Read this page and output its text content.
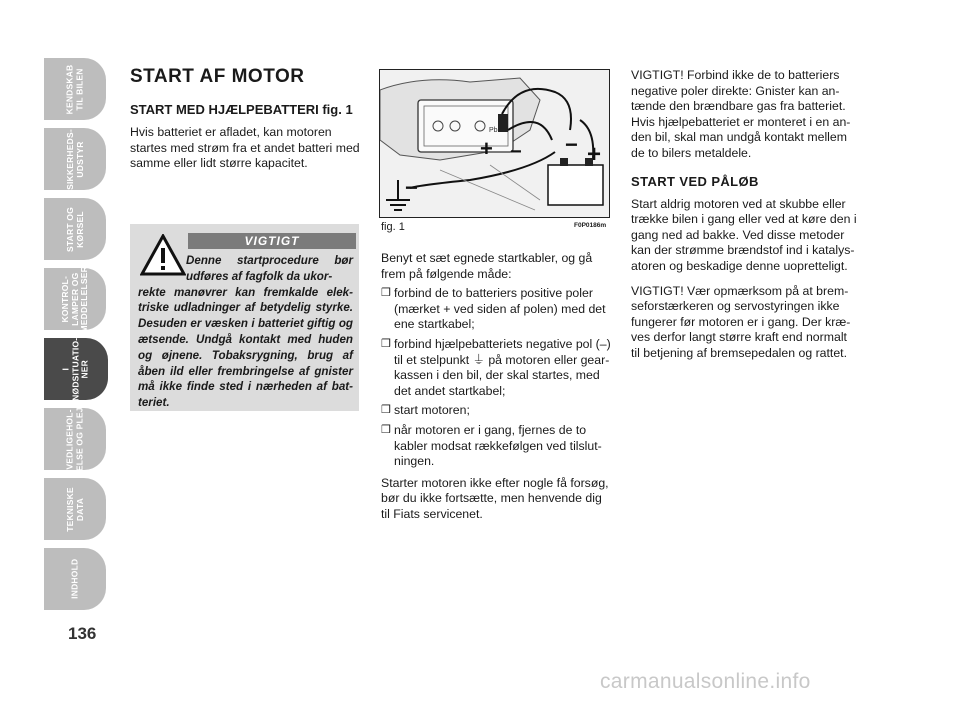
KENDSKAB
TIL BILEN
SIKKERHEDS-
UDSTYR
START OG
KØRSEL
KONTROL-
LAMPER OG
MEDDELELSER
I
NØDSITUATIO-
NER
VEDLIGEHOL-
DELSE OG PLEJE
TEKNISKE
DATA
INDHOLD
136
START AF MOTOR
START MED HJÆLPEBATTERI fig. 1

Hvis batteriet er afladet, kan motoren startes med strøm fra et andet batteri med samme eller lidt større kapacitet.

VIGTIGT
Denne startprocedure bør udføres af fagfolk da ukor-
rekte manøvrer kan fremkalde elek-triske udladninger af betydelig styrke. Desuden er væsken i batteriet giftig og ætsende. Undgå kontakt med huden og øjnene. Tobaksrygning, brug af åben ild eller frembringelse af gnister må ikke finde sted i nærheden af bat-teriet.
Pb
+ − − +
−
fig. 1	F0P0186m

Benyt et sæt egnede startkabler, og gå frem på følgende måde:

❒ forbind de to batteriers positive poler (mærket + ved siden af polen) med det ene startkabel;
❒ forbind hjælpebatteriets negative pol (–) til et stelpunkt ⏚ på motoren eller gear-kassen i den bil, der skal startes, med det andet startkabel;
❒ start motoren;
❒ når motoren er i gang, fjernes de to kabler modsat rækkefølgen ved tilslut-ningen.

Starter motoren ikke efter nogle få forsøg, bør du ikke fortsætte, men henvende dig til Fiats servicenet.

VIGTIGT! Forbind ikke de to batteriers negative poler direkte: Gnister kan an-tænde den brændbare gas fra batteriet. Hvis hjælpebatteriet er monteret i en an-den bil, skal man undgå kontakt mellem de to bilers metaldele.

START VED PÅLØB

Start aldrig motoren ved at skubbe eller trække bilen i gang eller ved at køre den i gang ned ad bakke. Ved disse metoder kan der strømme brændstof ind i katalys-atoren og beskadige denne uopretteligt.

VIGTIGT! Vær opmærksom på at brem-seforstærkeren og servostyringen ikke fungerer før motoren er i gang. Der kræ-ves derfor langt større kraft end normalt til betjening af bremsepedalen og rattet.

carmanualsonline.info
